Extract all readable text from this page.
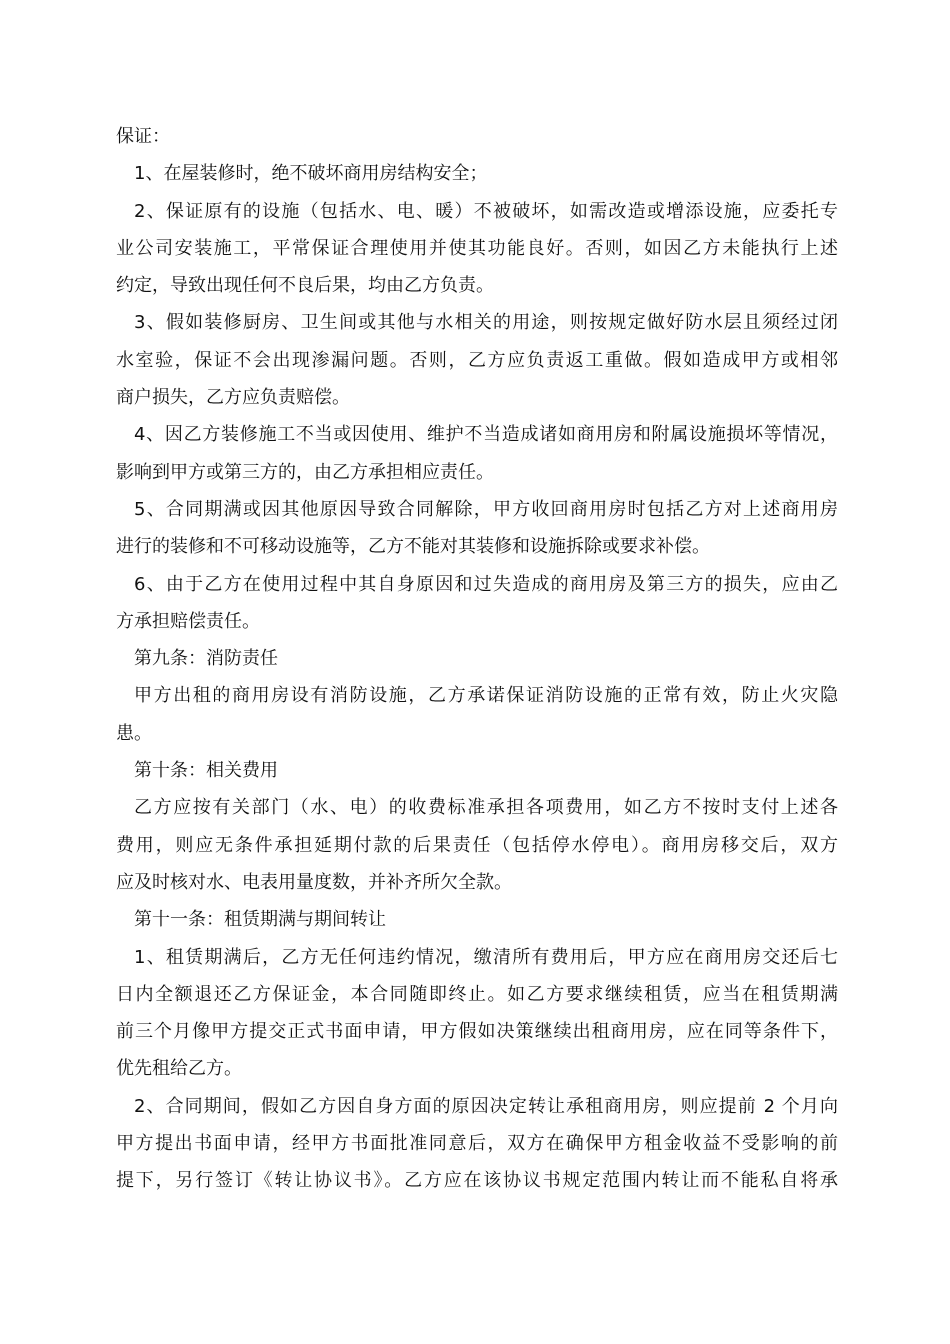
保证：
1、在屋装修时，绝不破坏商用房结构安全；
2、保证原有的设施（包括水、电、暖）不被破坏，如需改造或增添设施，应委托专
业公司安装施工，平常保证合理使用并使其功能良好。否则，如因乙方未能执行上述
约定，导致出现任何不良后果，均由乙方负责。
3、假如装修厨房、卫生间或其他与水相关的用途，则按规定做好防水层且须经过闭
水室验，保证不会出现渗漏问题。否则，乙方应负责返工重做。假如造成甲方或相邻
商户损失，乙方应负责赔偿。
4、因乙方装修施工不当或因使用、维护不当造成诸如商用房和附属设施损坏等情况，
影响到甲方或第三方的，由乙方承担相应责任。
5、合同期满或因其他原因导致合同解除，甲方收回商用房时包括乙方对上述商用房
进行的装修和不可移动设施等，乙方不能对其装修和设施拆除或要求补偿。
6、由于乙方在使用过程中其自身原因和过失造成的商用房及第三方的损失，应由乙
方承担赔偿责任。
第九条：消防责任
甲方出租的商用房设有消防设施，乙方承诺保证消防设施的正常有效，防止火灾隐
患。
第十条：相关费用
乙方应按有关部门（水、电）的收费标准承担各项费用，如乙方不按时支付上述各
费用，则应无条件承担延期付款的后果责任（包括停水停电）。商用房移交后，双方
应及时核对水、电表用量度数，并补齐所欠全款。
第十一条：租赁期满与期间转让
1、租赁期满后，乙方无任何违约情况，缴清所有费用后，甲方应在商用房交还后七
日内全额退还乙方保证金，本合同随即终止。如乙方要求继续租赁，应当在租赁期满
前三个月像甲方提交正式书面申请，甲方假如决策继续出租商用房，应在同等条件下，
优先租给乙方。
2、合同期间，假如乙方因自身方面的原因决定转让承租商用房，则应提前 2 个月向
甲方提出书面申请，经甲方书面批准同意后，双方在确保甲方租金收益不受影响的前
提下，另行签订《转让协议书》。乙方应在该协议书规定范围内转让而不能私自将承
